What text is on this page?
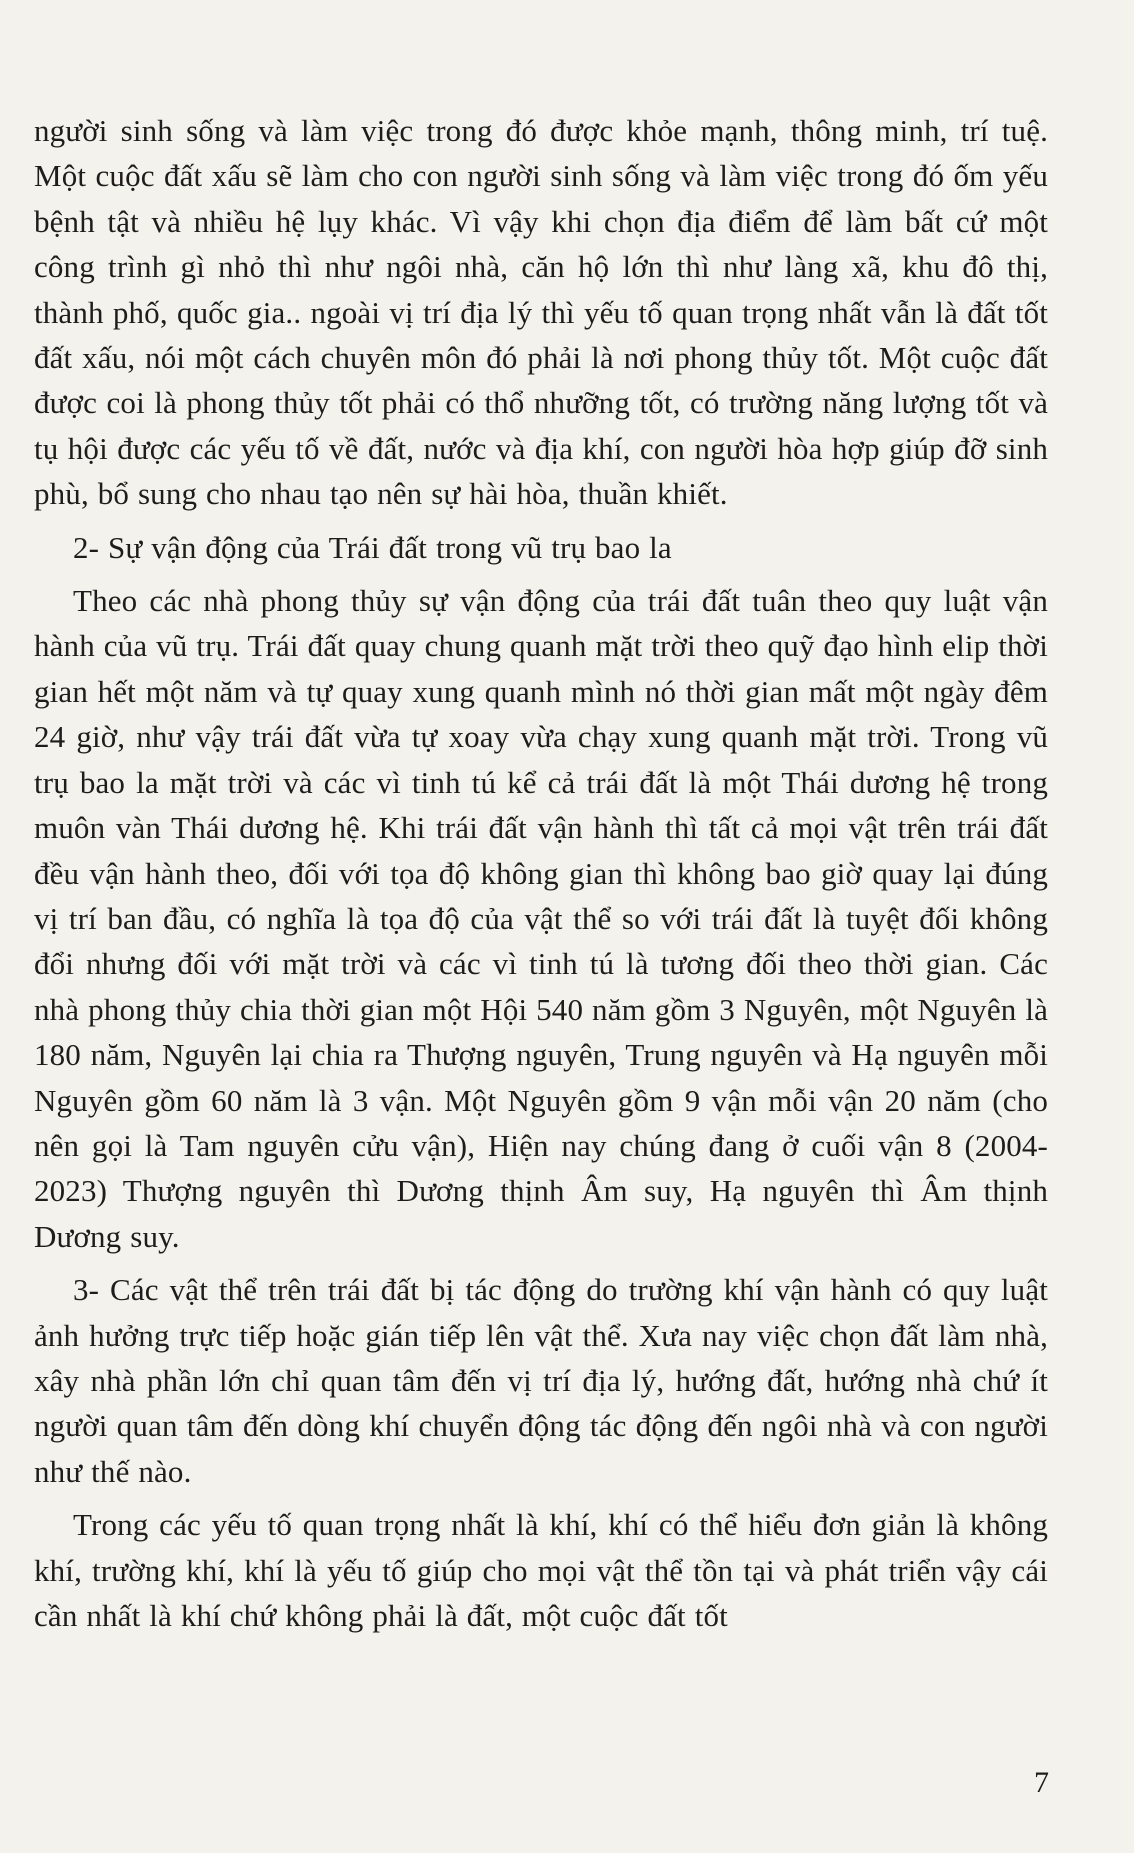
người sinh sống và làm việc trong đó được khỏe mạnh, thông minh, trí tuệ. Một cuộc đất xấu sẽ làm cho con người sinh sống và làm việc trong đó ốm yếu bệnh tật và nhiều hệ lụy khác. Vì vậy khi chọn địa điểm để làm bất cứ một công trình gì nhỏ thì như ngôi nhà, căn hộ lớn thì như làng xã, khu đô thị, thành phố, quốc gia.. ngoài vị trí địa lý thì yếu tố quan trọng nhất vẫn là đất tốt đất xấu, nói một cách chuyên môn đó phải là nơi phong thủy tốt. Một cuộc đất được coi là phong thủy tốt phải có thổ nhưỡng tốt, có trường năng lượng tốt và tụ hội được các yếu tố về đất, nước và địa khí, con người hòa hợp giúp đỡ sinh phù, bổ sung cho nhau tạo nên sự hài hòa, thuần khiết.

2- Sự vận động của Trái đất trong vũ trụ bao la

Theo các nhà phong thủy sự vận động của trái đất tuân theo quy luật vận hành của vũ trụ. Trái đất quay chung quanh mặt trời theo quỹ đạo hình elip thời gian hết một năm và tự quay xung quanh mình nó thời gian mất một ngày đêm 24 giờ, như vậy trái đất vừa tự xoay vừa chạy xung quanh mặt trời. Trong vũ trụ bao la mặt trời và các vì tinh tú kể cả trái đất là một Thái dương hệ trong muôn vàn Thái dương hệ. Khi trái đất vận hành thì tất cả mọi vật trên trái đất đều vận hành theo, đối với tọa độ không gian thì không bao giờ quay lại đúng vị trí ban đầu, có nghĩa là tọa độ của vật thể so với trái đất là tuyệt đối không đổi nhưng đối với mặt trời và các vì tinh tú là tương đối theo thời gian. Các nhà phong thủy chia thời gian một Hội 540 năm gồm 3 Nguyên, một Nguyên là 180 năm, Nguyên lại chia ra Thượng nguyên, Trung nguyên và Hạ nguyên mỗi Nguyên gồm 60 năm là 3 vận. Một Nguyên gồm 9 vận mỗi vận 20 năm (cho nên gọi là Tam nguyên cửu vận), Hiện nay chúng đang ở cuối vận 8 (2004-2023) Thượng nguyên thì Dương thịnh Âm suy, Hạ nguyên thì Âm thịnh Dương suy.

3- Các vật thể trên trái đất bị tác động do trường khí vận hành có quy luật ảnh hưởng trực tiếp hoặc gián tiếp lên vật thể. Xưa nay việc chọn đất làm nhà, xây nhà phần lớn chỉ quan tâm đến vị trí địa lý, hướng đất, hướng nhà chứ ít người quan tâm đến dòng khí chuyển động tác động đến ngôi nhà và con người như thế nào.

Trong các yếu tố quan trọng nhất là khí, khí có thể hiểu đơn giản là không khí, trường khí, khí là yếu tố giúp cho mọi vật thể tồn tại và phát triển vậy cái cần nhất là khí chứ không phải là đất, một cuộc đất tốt

7
